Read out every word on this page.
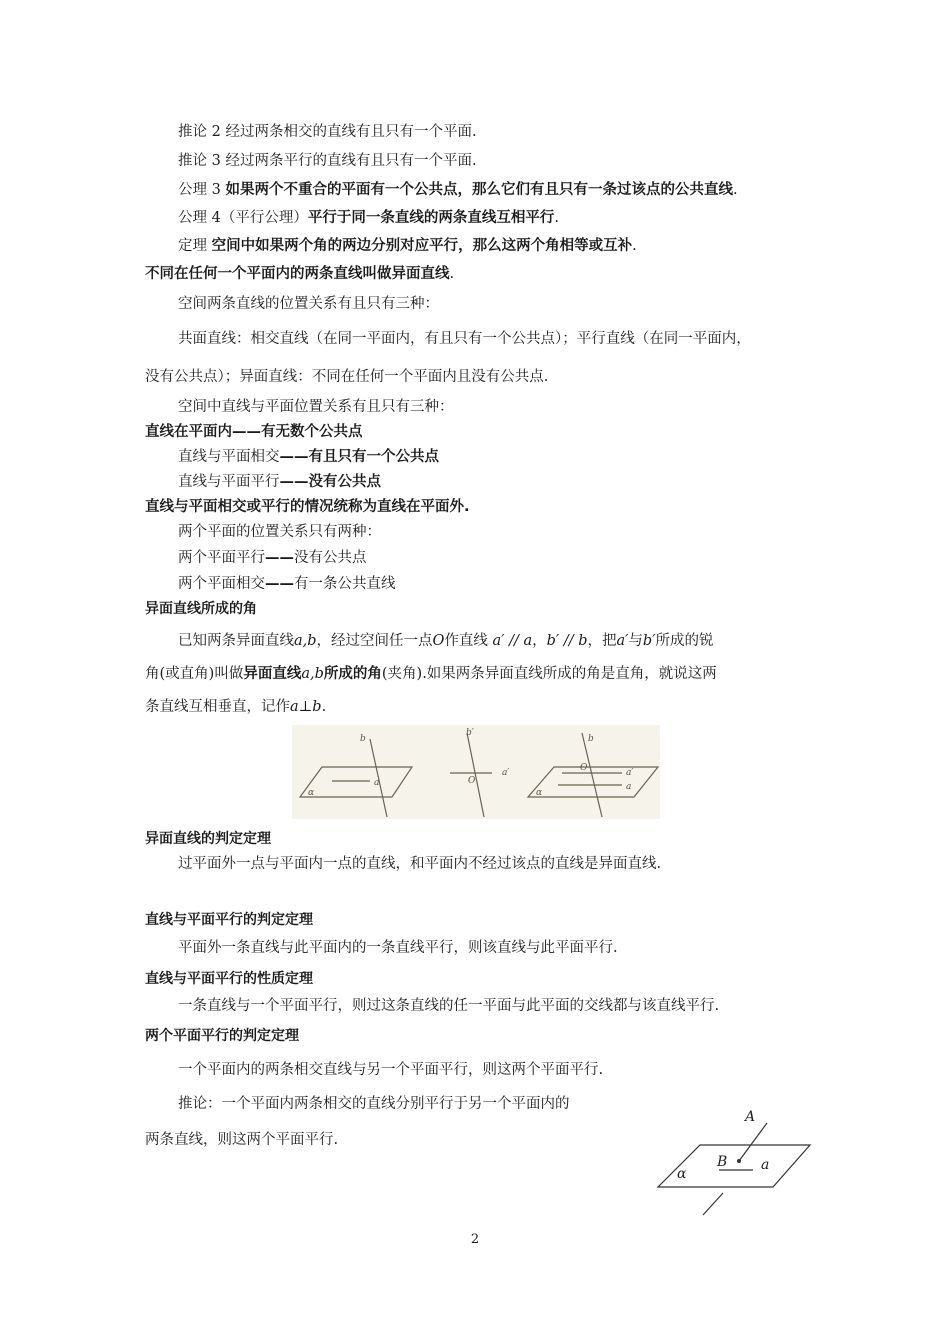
推论 2 经过两条相交的直线有且只有一个平面.
推论 3 经过两条平行的直线有且只有一个平面.
公理 3 如果两个不重合的平面有一个公共点，那么它们有且只有一条过该点的公共直线.
公理 4（平行公理）平行于同一条直线的两条直线互相平行.
定理 空间中如果两个角的两边分别对应平行，那么这两个角相等或互补.
不同在任何一个平面内的两条直线叫做异面直线.
空间两条直线的位置关系有且只有三种：
共面直线：相交直线（在同一平面内，有且只有一个公共点）；平行直线（在同一平面内，
没有公共点）；异面直线：不同在任何一个平面内且没有公共点.
空间中直线与平面位置关系有且只有三种：
直线在平面内——有无数个公共点
直线与平面相交——有且只有一个公共点
直线与平面平行——没有公共点
直线与平面相交或平行的情况统称为直线在平面外.
两个平面的位置关系只有两种：
两个平面平行——没有公共点
两个平面相交——有一条公共直线
异面直线所成的角
已知两条异面直线a,b，经过空间任一点O作直线 a′ // a，b′ // b，把a′与b′所成的锐
角(或直角)叫做异面直线a,b所成的角(夹角).如果两条异面直线所成的角是直角，就说这两
条直线互相垂直，记作a⊥b.
b
a
α
b′
a′
O
b
O	a′
a
α
异面直线的判定定理
过平面外一点与平面内一点的直线，和平面内不经过该点的直线是异面直线.
直线与平面平行的判定定理
平面外一条直线与此平面内的一条直线平行，则该直线与此平面平行.
直线与平面平行的性质定理
一条直线与一个平面平行，则过这条直线的任一平面与此平面的交线都与该直线平行.
两个平面平行的判定定理
一个平面内的两条相交直线与另一个平面平行，则这两个平面平行.
推论：一个平面内两条相交的直线分别平行于另一个平面内的
两条直线，则这两个平面平行.
A
B a
α
2
